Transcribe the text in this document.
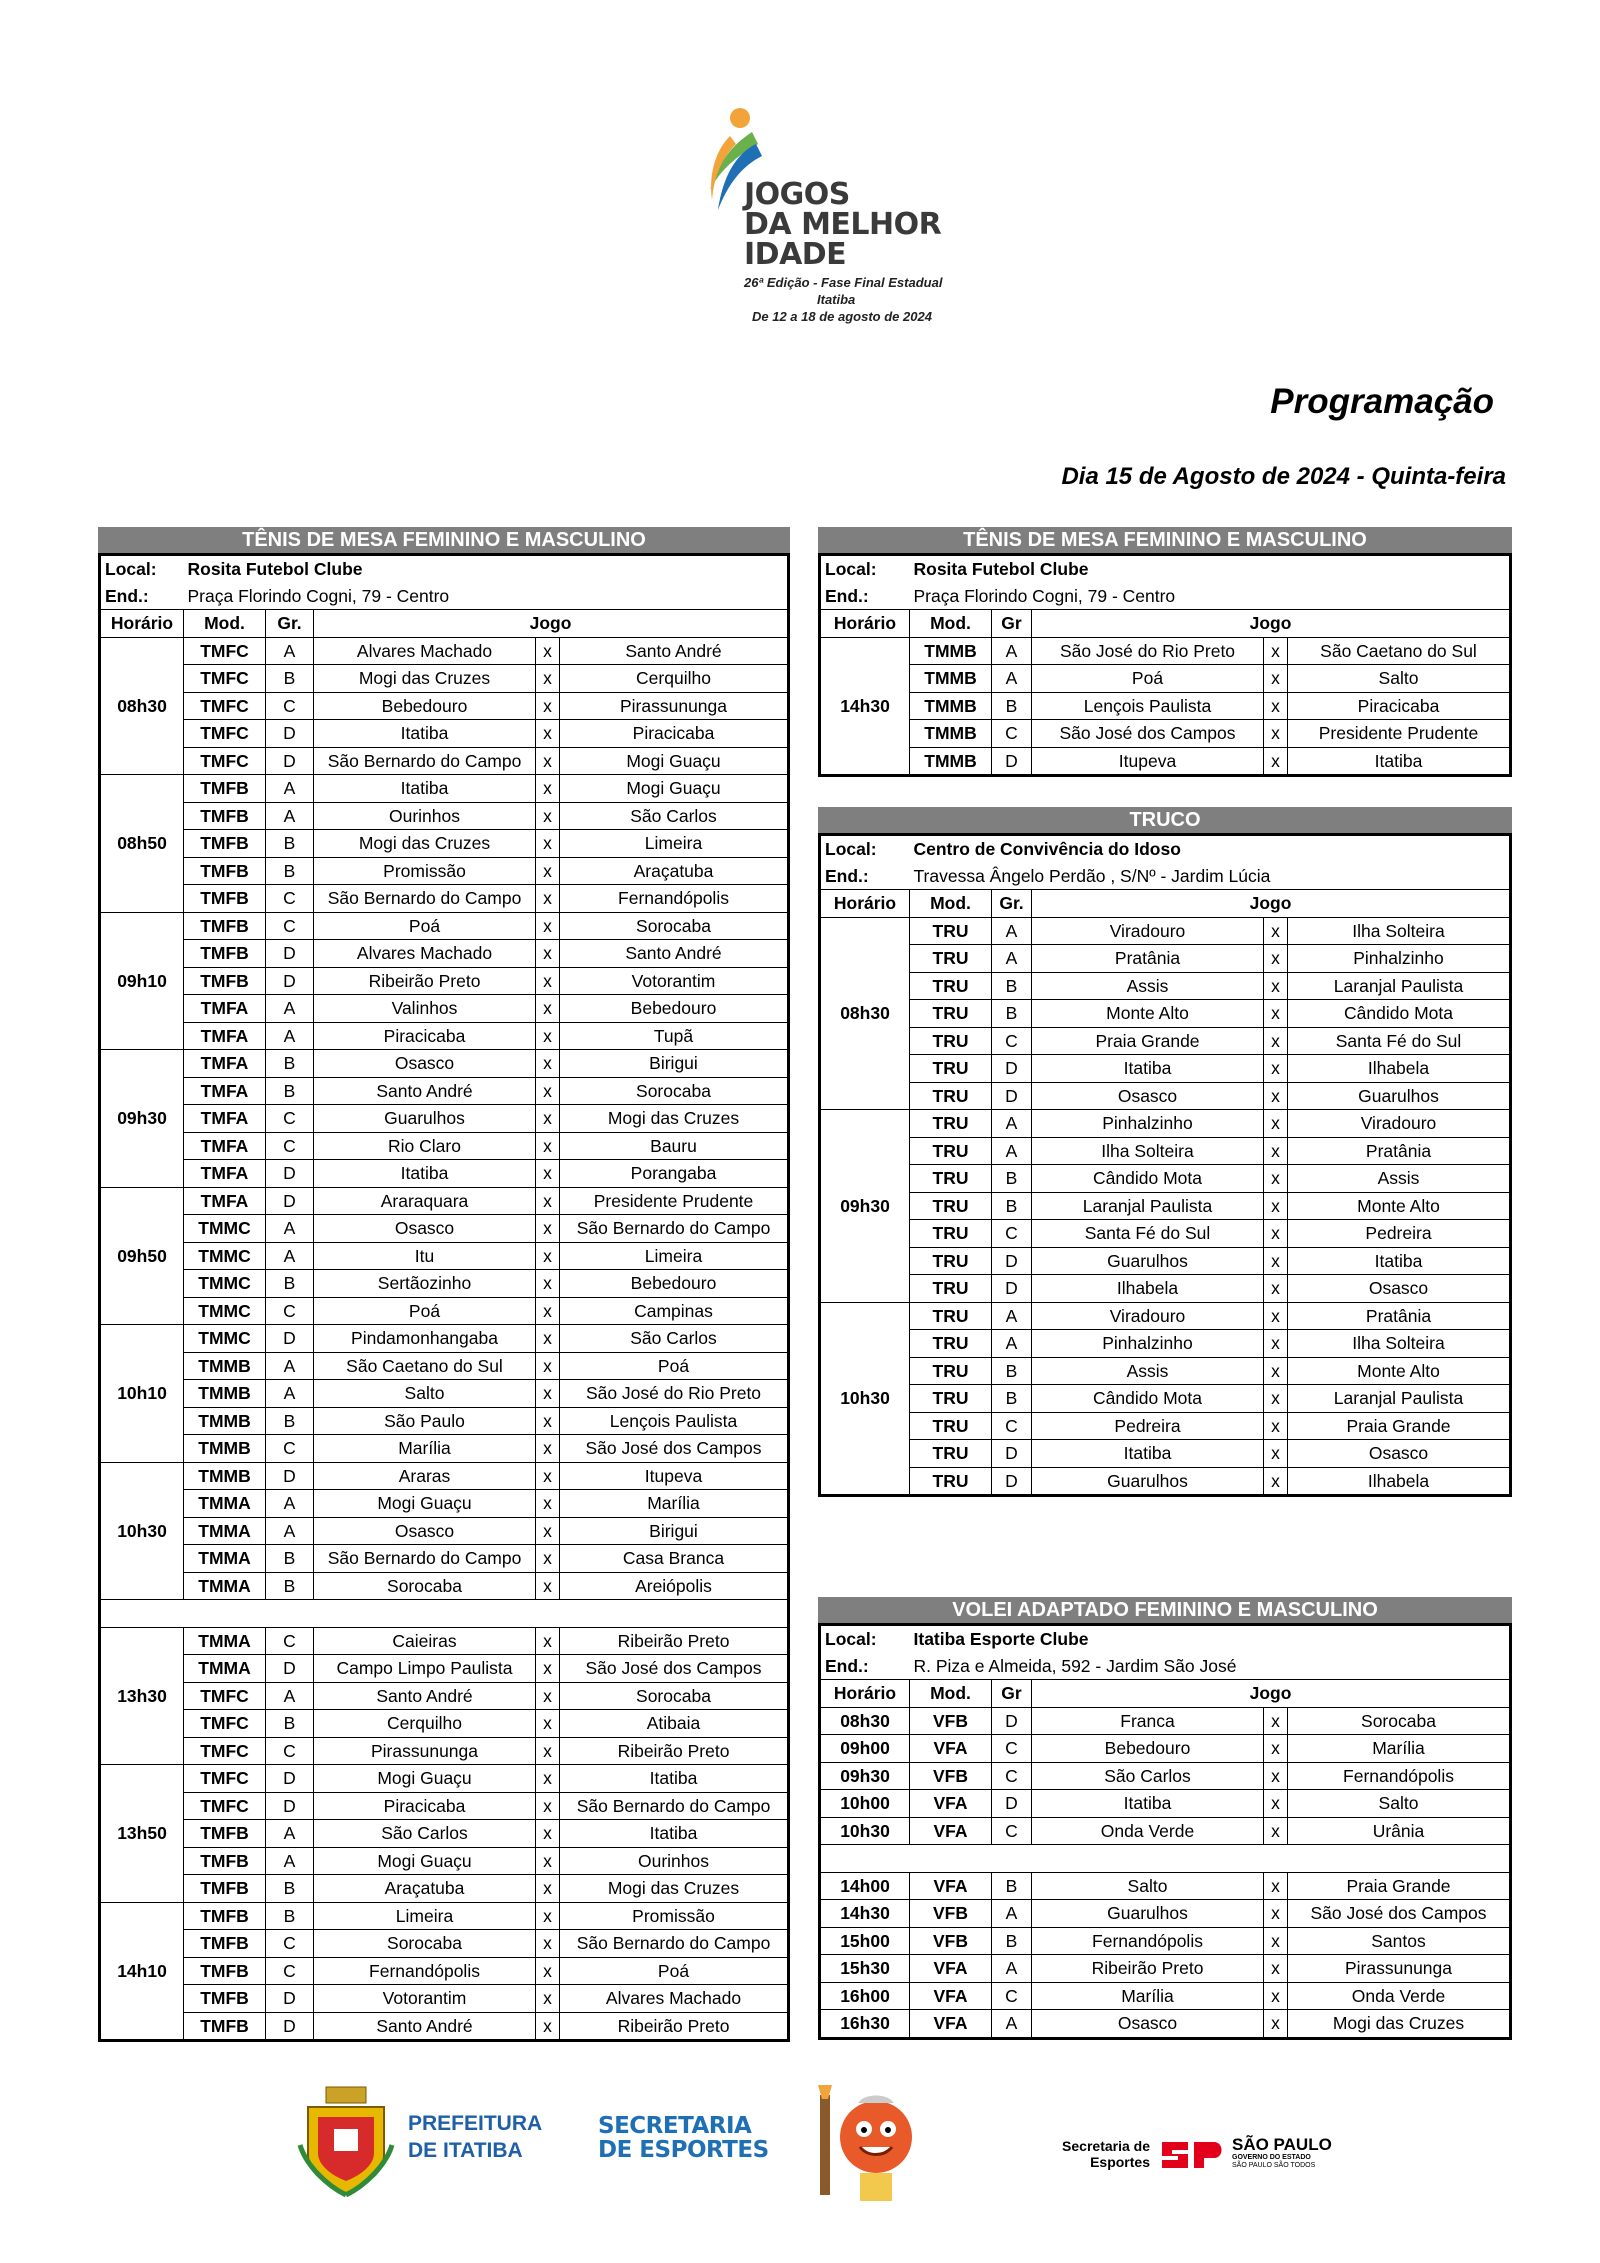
JOGOS
DA MELHOR
IDADE
26ª Edição - Fase Final Estadual
Itatiba
De 12 a 18 de agosto de 2024
Programação
Dia 15 de Agosto de 2024 - Quinta-feira
TÊNIS DE MESA FEMININO E MASCULINO
Local:	Rosita Futebol Clube				
End.:	Praça Florindo Cogni, 79 - Centro				
Horário	Mod.	Gr.	Jogo		
08h30	TMFC	A	Alvares Machado	x	Santo André
	TMFC	B	Mogi das Cruzes	x	Cerquilho
	TMFC	C	Bebedouro	x	Pirassununga
	TMFC	D	Itatiba	x	Piracicaba
	TMFC	D	São Bernardo do Campo	x	Mogi Guaçu
08h50	TMFB	A	Itatiba	x	Mogi Guaçu
	TMFB	A	Ourinhos	x	São Carlos
	TMFB	B	Mogi das Cruzes	x	Limeira
	TMFB	B	Promissão	x	Araçatuba
	TMFB	C	São Bernardo do Campo	x	Fernandópolis
09h10	TMFB	C	Poá	x	Sorocaba
	TMFB	D	Alvares Machado	x	Santo André
	TMFB	D	Ribeirão Preto	x	Votorantim
	TMFA	A	Valinhos	x	Bebedouro
	TMFA	A	Piracicaba	x	Tupã
09h30	TMFA	B	Osasco	x	Birigui
	TMFA	B	Santo André	x	Sorocaba
	TMFA	C	Guarulhos	x	Mogi das Cruzes
	TMFA	C	Rio Claro	x	Bauru
	TMFA	D	Itatiba	x	Porangaba
09h50	TMFA	D	Araraquara	x	Presidente Prudente
	TMMC	A	Osasco	x	São Bernardo do Campo
	TMMC	A	Itu	x	Limeira
	TMMC	B	Sertãozinho	x	Bebedouro
	TMMC	C	Poá	x	Campinas
10h10	TMMC	D	Pindamonhangaba	x	São Carlos
	TMMB	A	São Caetano do Sul	x	Poá
	TMMB	A	Salto	x	São José do Rio Preto
	TMMB	B	São Paulo	x	Lençois Paulista
	TMMB	C	Marília	x	São José dos Campos
10h30	TMMB	D	Araras	x	Itupeva
	TMMA	A	Mogi Guaçu	x	Marília
	TMMA	A	Osasco	x	Birigui
	TMMA	B	São Bernardo do Campo	x	Casa Branca
	TMMA	B	Sorocaba	x	Areiópolis

13h30	TMMA	C	Caieiras	x	Ribeirão Preto
	TMMA	D	Campo Limpo Paulista	x	São José dos Campos
	TMFC	A	Santo André	x	Sorocaba
	TMFC	B	Cerquilho	x	Atibaia
	TMFC	C	Pirassununga	x	Ribeirão Preto
13h50	TMFC	D	Mogi Guaçu	x	Itatiba
	TMFC	D	Piracicaba	x	São Bernardo do Campo
	TMFB	A	São Carlos	x	Itatiba
	TMFB	A	Mogi Guaçu	x	Ourinhos
	TMFB	B	Araçatuba	x	Mogi das Cruzes
14h10	TMFB	B	Limeira	x	Promissão
	TMFB	C	Sorocaba	x	São Bernardo do Campo
	TMFB	C	Fernandópolis	x	Poá
	TMFB	D	Votorantim	x	Alvares Machado
	TMFB	D	Santo André	x	Ribeirão Preto
TÊNIS DE MESA FEMININO E MASCULINO
Local:	Rosita Futebol Clube				
End.:	Praça Florindo Cogni, 79 - Centro				
Horário	Mod.	Gr	Jogo		
14h30	TMMB	A	São José do Rio Preto	x	São Caetano do Sul
	TMMB	A	Poá	x	Salto
	TMMB	B	Lençois Paulista	x	Piracicaba
	TMMB	C	São José dos Campos	x	Presidente Prudente
	TMMB	D	Itupeva	x	Itatiba
TRUCO
Local:	Centro de Convivência do Idoso				
End.:	Travessa Ângelo Perdão , S/Nº - Jardim Lúcia				
Horário	Mod.	Gr.	Jogo		
08h30	TRU	A	Viradouro	x	Ilha Solteira
	TRU	A	Pratânia	x	Pinhalzinho
	TRU	B	Assis	x	Laranjal Paulista
	TRU	B	Monte Alto	x	Cândido Mota
	TRU	C	Praia Grande	x	Santa Fé do Sul
	TRU	D	Itatiba	x	Ilhabela
	TRU	D	Osasco	x	Guarulhos
09h30	TRU	A	Pinhalzinho	x	Viradouro
	TRU	A	Ilha Solteira	x	Pratânia
	TRU	B	Cândido Mota	x	Assis
	TRU	B	Laranjal Paulista	x	Monte Alto
	TRU	C	Santa Fé do Sul	x	Pedreira
	TRU	D	Guarulhos	x	Itatiba
	TRU	D	Ilhabela	x	Osasco
10h30	TRU	A	Viradouro	x	Pratânia
	TRU	A	Pinhalzinho	x	Ilha Solteira
	TRU	B	Assis	x	Monte Alto
	TRU	B	Cândido Mota	x	Laranjal Paulista
	TRU	C	Pedreira	x	Praia Grande
	TRU	D	Itatiba	x	Osasco
	TRU	D	Guarulhos	x	Ilhabela
VOLEI ADAPTADO FEMININO E MASCULINO
Local:	Itatiba Esporte Clube				
End.:	R. Piza e Almeida, 592 - Jardim São José				
Horário	Mod.	Gr	Jogo		
08h30	VFB	D	Franca	x	Sorocaba
09h00	VFA	C	Bebedouro	x	Marília
09h30	VFB	C	São Carlos	x	Fernandópolis
10h00	VFA	D	Itatiba	x	Salto
10h30	VFA	C	Onda Verde	x	Urânia

14h00	VFA	B	Salto	x	Praia Grande
14h30	VFB	A	Guarulhos	x	São José dos Campos
15h00	VFB	B	Fernandópolis	x	Santos
15h30	VFA	A	Ribeirão Preto	x	Pirassununga
16h00	VFA	C	Marília	x	Onda Verde
16h30	VFA	A	Osasco	x	Mogi das Cruzes
PREFEITURA
DE ITATIBA
SECRETARIA
DE ESPORTES	Secretaria de
Esportes
SÃO PAULO
GOVERNO DO ESTADO
SÃO PAULO SÃO TODOS
